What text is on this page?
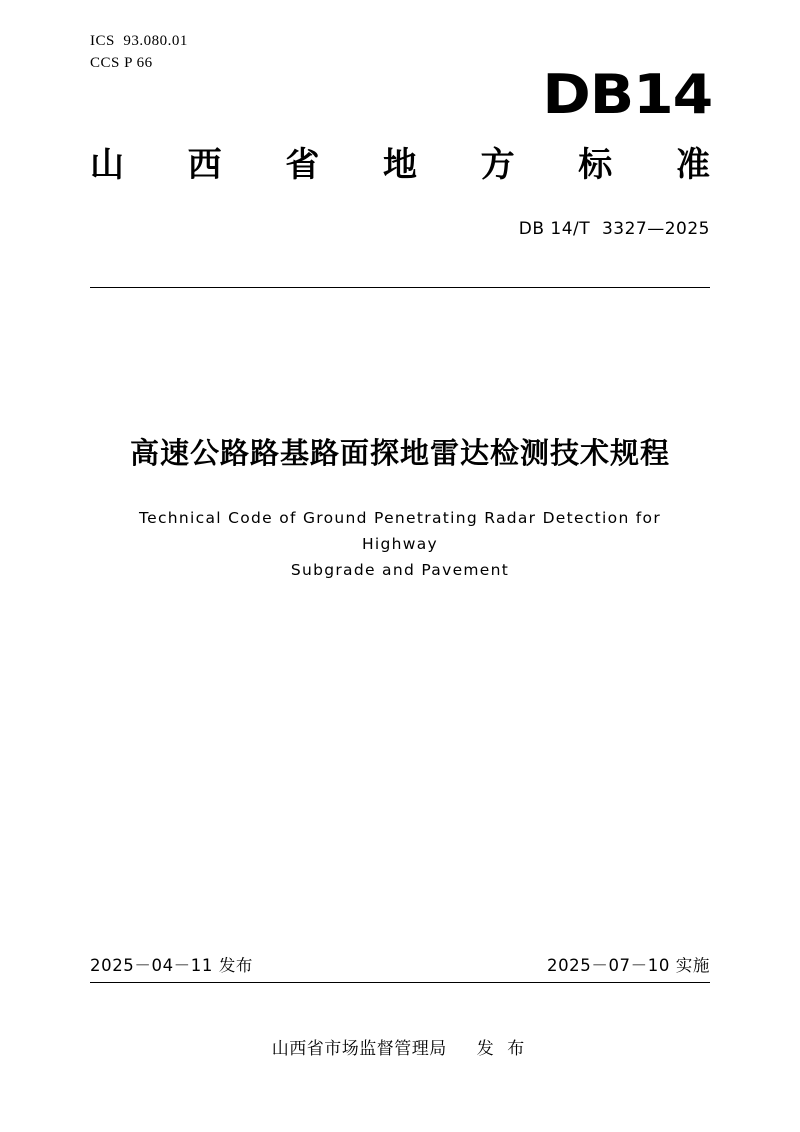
ICS  93.080.01
CCS P 66	DB14
山 西 省 地 方 标 准
DB 14/T  3327—2025
高速公路路基路面探地雷达检测技术规程
Technical Code of Ground Penetrating Radar Detection for Highway
Subgrade and Pavement
2025－04－11 发布	2025－07－10 实施
山西省市场监督管理局 发 布
